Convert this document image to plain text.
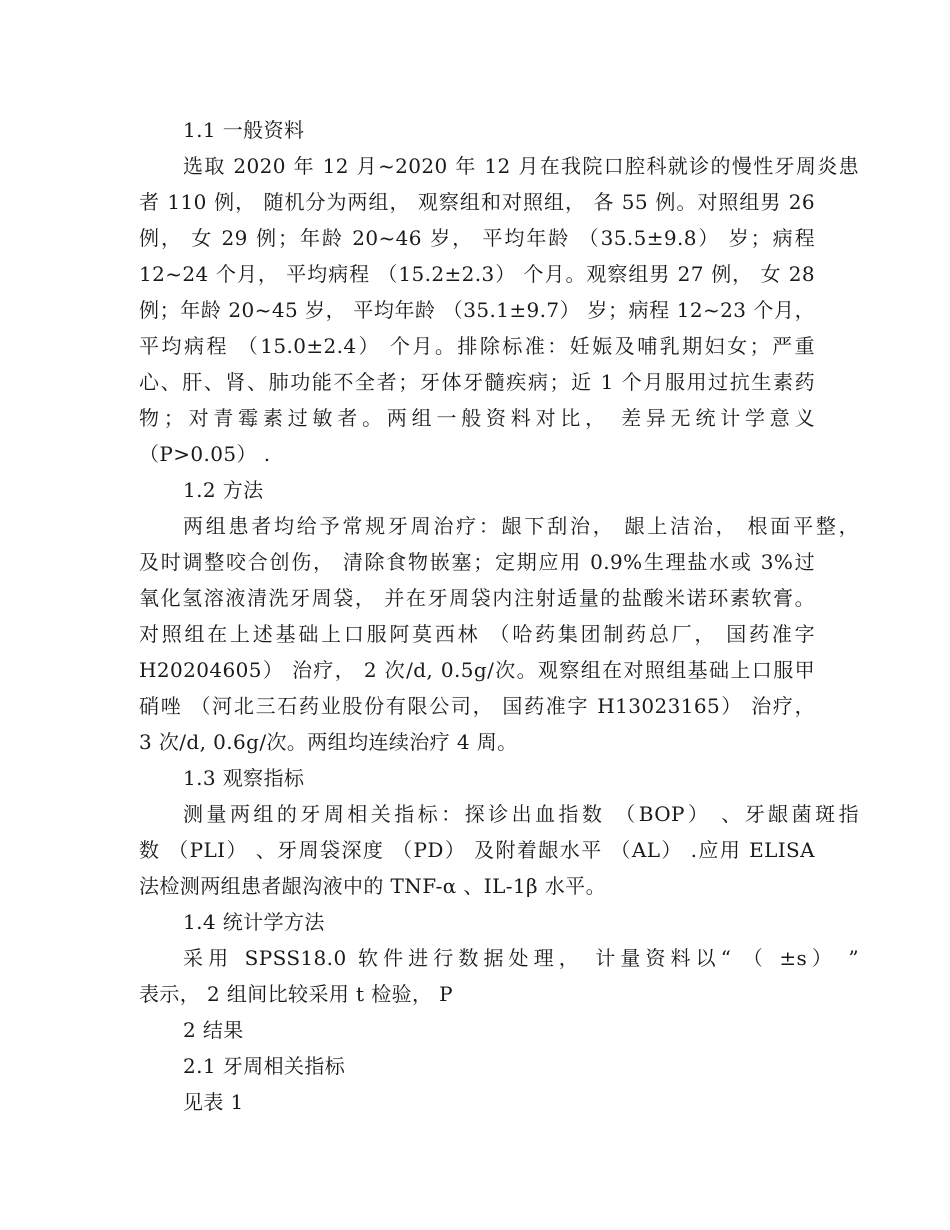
1.1 一般资料
选取 2020 年 12 月~2020 年 12 月在我院口腔科就诊的慢性牙周炎患
者 110 例， 随机分为两组， 观察组和对照组， 各 55 例。对照组男 26
例， 女 29 例；年龄 20~46 岁， 平均年龄 （35.5±9.8） 岁；病程
12~24 个月， 平均病程 （15.2±2.3） 个月。观察组男 27 例， 女 28
例；年龄 20~45 岁， 平均年龄 （35.1±9.7） 岁；病程 12~23 个月，
平均病程 （15.0±2.4） 个月。排除标准：妊娠及哺乳期妇女；严重
心、肝、肾、肺功能不全者；牙体牙髓疾病；近 1 个月服用过抗生素药
物；对青霉素过敏者。两组一般资料对比， 差异无统计学意义
（P>0.05） .
1.2 方法
两组患者均给予常规牙周治疗：龈下刮治， 龈上洁治， 根面平整，
及时调整咬合创伤， 清除食物嵌塞；定期应用 0.9%生理盐水或 3%过
氧化氢溶液清洗牙周袋， 并在牙周袋内注射适量的盐酸米诺环素软膏。
对照组在上述基础上口服阿莫西林 （哈药集团制药总厂， 国药准字
H20204605） 治疗， 2 次/d, 0.5g/次。观察组在对照组基础上口服甲
硝唑 （河北三石药业股份有限公司， 国药准字 H13023165） 治疗，
3 次/d, 0.6g/次。两组均连续治疗 4 周。
1.3 观察指标
测量两组的牙周相关指标：探诊出血指数 （BOP） 、牙龈菌斑指
数 （PLI） 、牙周袋深度 （PD） 及附着龈水平 （AL） .应用 ELISA
法检测两组患者龈沟液中的 TNF-α 、IL-1β 水平。
1.4 统计学方法
采用 SPSS18.0 软件进行数据处理， 计量资料以“ （ ±s） ”
表示， 2 组间比较采用 t 检验， P
2 结果
2.1 牙周相关指标
见表 1
